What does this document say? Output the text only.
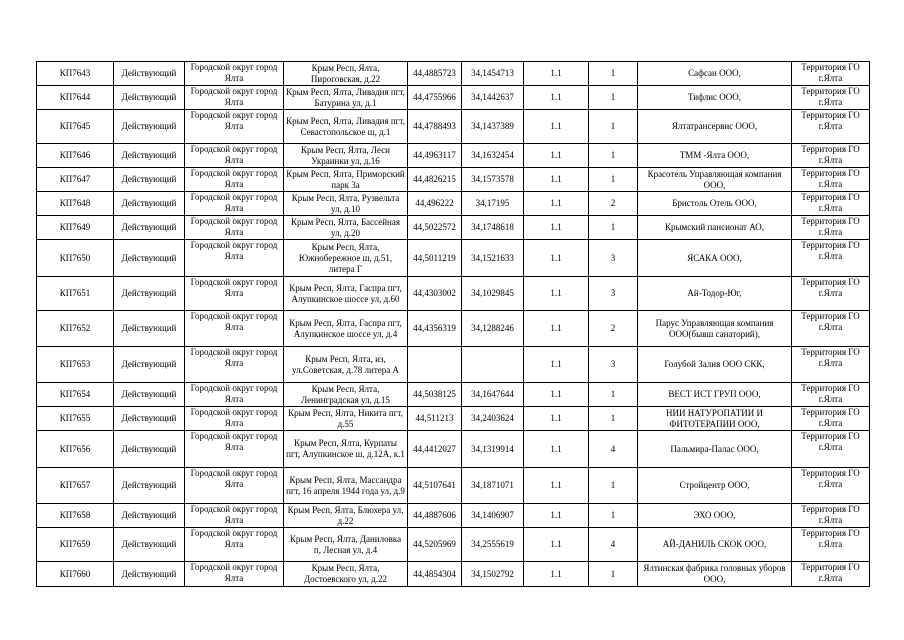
КП7643	Действующий	Городской округ город Ялта	Крым Респ, Ялта, Пироговская, д.22	44,4885723	34,1454713	1.1	1	Сафсан ООО,	Территория ГО г.Ялта
КП7644	Действующий	Городской округ город Ялта	Крым Респ, Ялта, Ливадия пгт, Батурина ул, д.1	44,4755966	34,1442637	1.1	1	Тифлис ООО,	Территория ГО г.Ялта
КП7645	Действующий	Городской округ город Ялта	Крым Респ, Ялта, Ливадия пгт, Севастопольское ш, д.1	44,4788493	34,1437389	1.1	1	Ялтатрансервис ООО,	Территория ГО г.Ялта
КП7646	Действующий	Городской округ город Ялта	Крым Респ, Ялта, Леси Украинки ул, д.16	44,4963117	34,1632454	1.1	1	ТММ -Ялта ООО,	Территория ГО г.Ялта
КП7647	Действующий	Городской округ город Ялта	Крым Респ, Ялта, Приморский парк 3а	44,4826215	34,1573578	1.1	1	Красотель Управляющая компания ООО,	Территория ГО г.Ялта
КП7648	Действующий	Городской округ город Ялта	Крым Респ, Ялта, Рузвельта ул, д.10	44,496222	34,17195	1.1	2	Бристоль Отель ООО,	Территория ГО г.Ялта
КП7649	Действующий	Городской округ город Ялта	Крым Респ, Ялта, Бассейная ул, д.20	44,5022572	34,1748618	1.1	1	Крымский пансионат АО,	Территория ГО г.Ялта
КП7650	Действующий	Городской округ город Ялта	Крым Респ, Ялта, Южнобережное ш, д.51, литера Г	44,5011219	34,1521633	1.1	3	ЯСАКА ООО,	Территория ГО г.Ялта
КП7651	Действующий	Городской округ город Ялта	Крым Респ, Ялта, Гаспра пгт, Алупкинское шоссе ул, д.60	44,4303002	34,1029845	1.1	3	Ай-Тодор-Юг,	Территория ГО г.Ялта
КП7652	Действующий	Городской округ город Ялта	Крым Респ, Ялта, Гаспра пгт, Алупкинское шоссе ул, д.4	44,4356319	34,1288246	1.1	2	Парус Управляющая компания ООО(бывш санаторий),	Территория ГО г.Ялта
КП7653	Действующий	Городской округ город Ялта	Крым Респ, Ялта, из, ул.Советская, д.78 литера А			1.1	3	Голубой Залив ООО СКК,	Территория ГО г.Ялта
КП7654	Действующий	Городской округ город Ялта	Крым Респ, Ялта, Ленинградская ул, д.15	44,5038125	34,1647644	1.1	1	ВЕСТ ИСТ ГРУП ООО,	Территория ГО г.Ялта
КП7655	Действующий	Городской округ город Ялта	Крым Респ, Ялта, Никита пгт, д.55	44,511213	34,2403624	1.1	1	НИИ НАТУРОПАТИИ И ФИТОТЕРАПИИ ООО,	Территория ГО г.Ялта
КП7656	Действующий	Городской округ город Ялта	Крым Респ, Ялта, Курпаты пгт, Алупкинское ш, д.12А, к.1	44,4412027	34,1319914	1.1	4	Пальмира-Палас ООО,	Территория ГО г.Ялта
КП7657	Действующий	Городской округ город Ялта	Крым Респ, Ялта, Массандра пгт, 16 апреля 1944 года ул, д.9	44,5107641	34,1871071	1.1	1	Стройцентр ООО,	Территория ГО г.Ялта
КП7658	Действующий	Городской округ город Ялта	Крым Респ, Ялта, Блюхера ул, д.22	44,4887606	34,1406907	1.1	1	ЭХО ООО,	Территория ГО г.Ялта
КП7659	Действующий	Городской округ город Ялта	Крым Респ, Ялта, Даниловка п, Лесная ул, д.4	44,5205969	34,2555619	1.1	4	АЙ-ДАНИЛЬ СКОК ООО,	Территория ГО г.Ялта
КП7660	Действующий	Городской округ город Ялта	Крым Респ, Ялта, Достоевского ул, д.22	44,4854304	34,1502792	1.1	1	Ялтинская фабрика головных уборов ООО,	Территория ГО г.Ялта
